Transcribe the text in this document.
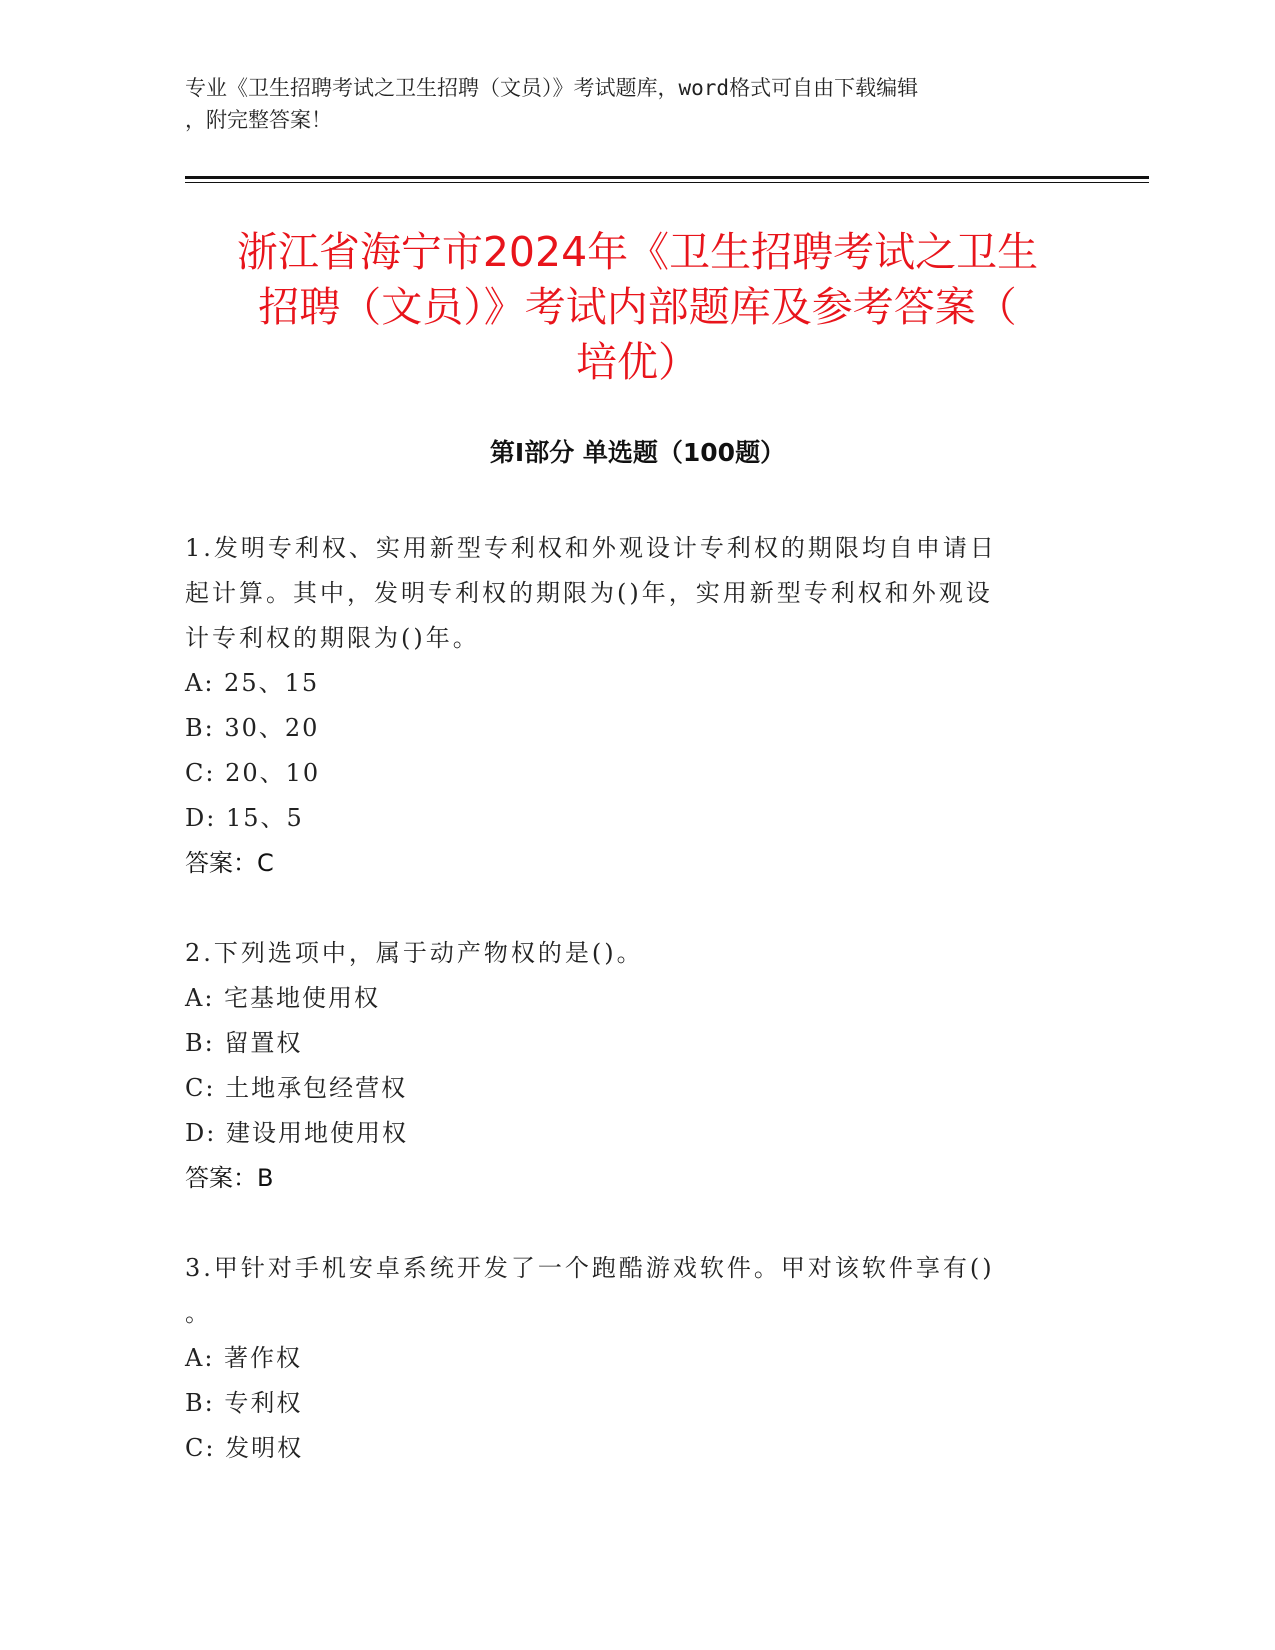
专业《卫生招聘考试之卫生招聘（文员）》考试题库，word格式可自由下载编辑
，附完整答案！
浙江省海宁市2024年《卫生招聘考试之卫生
招聘（文员）》考试内部题库及参考答案（
培优）
第I部分 单选题（100题）
1.发明专利权、实用新型专利权和外观设计专利权的期限均自申请日
起计算。其中，发明专利权的期限为()年，实用新型专利权和外观设
计专利权的期限为()年。
A: 25、15
B: 30、20
C: 20、10
D: 15、5
答案：C
2.下列选项中，属于动产物权的是()。
A: 宅基地使用权
B: 留置权
C: 土地承包经营权
D: 建设用地使用权
答案：B
3.甲针对手机安卓系统开发了一个跑酷游戏软件。甲对该软件享有()
。
A: 著作权
B: 专利权
C: 发明权
